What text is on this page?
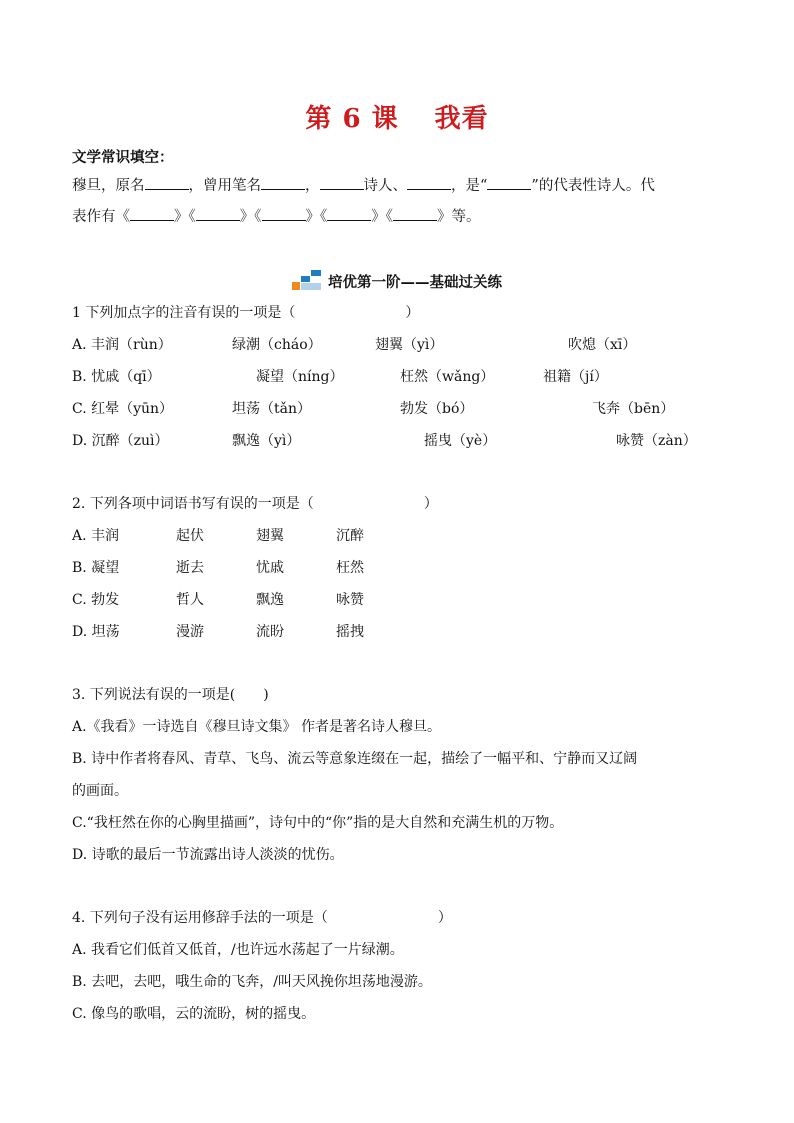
第 6 课 我看
文学常识填空：
穆旦，原名	，曾用笔名	，	诗人、	，是“	”的代表性诗人。代
表作有《	》《	》《	》《	》《	》等。
培优第一阶——基础过关练
1 下列加点字的注音有误的一项是（	）
A. 丰润（rùn）	绿潮（cháo）	翅翼（yì）	吹熄（xī）
B. 忧戚（qī）	凝望（níng）	枉然（wǎng）	祖籍（jí）
C. 红晕（yūn）	坦荡（tǎn）	勃发（bó）	飞奔（bēn）
D. 沉醉（zuì）	飘逸（yì）	摇曳（yè）	咏赞（zàn）
2. 下列各项中词语书写有误的一项是（	）
A. 丰润	起伏	翅翼	沉醉
B. 凝望	逝去	忧戚	枉然
C. 勃发	哲人	飘逸	咏赞
D. 坦荡	漫游	流盼	摇拽
3. 下列说法有误的一项是(　　)
A.《我看》一诗选自《穆旦诗文集》 作者是著名诗人穆旦。
B. 诗中作者将春风、青草、飞鸟、流云等意象连缀在一起，描绘了一幅平和、宁静而又辽阔
的画面。
C.“我枉然在你的心胸里描画”，诗句中的“你”指的是大自然和充满生机的万物。
D. 诗歌的最后一节流露出诗人淡淡的忧伤。
4. 下列句子没有运用修辞手法的一项是（	）
A. 我看它们低首又低首，/也许远水荡起了一片绿潮。
B. 去吧，去吧，哦生命的飞奔，/叫天风挽你坦荡地漫游。
C. 像鸟的歌唱，云的流盼，树的摇曳。
